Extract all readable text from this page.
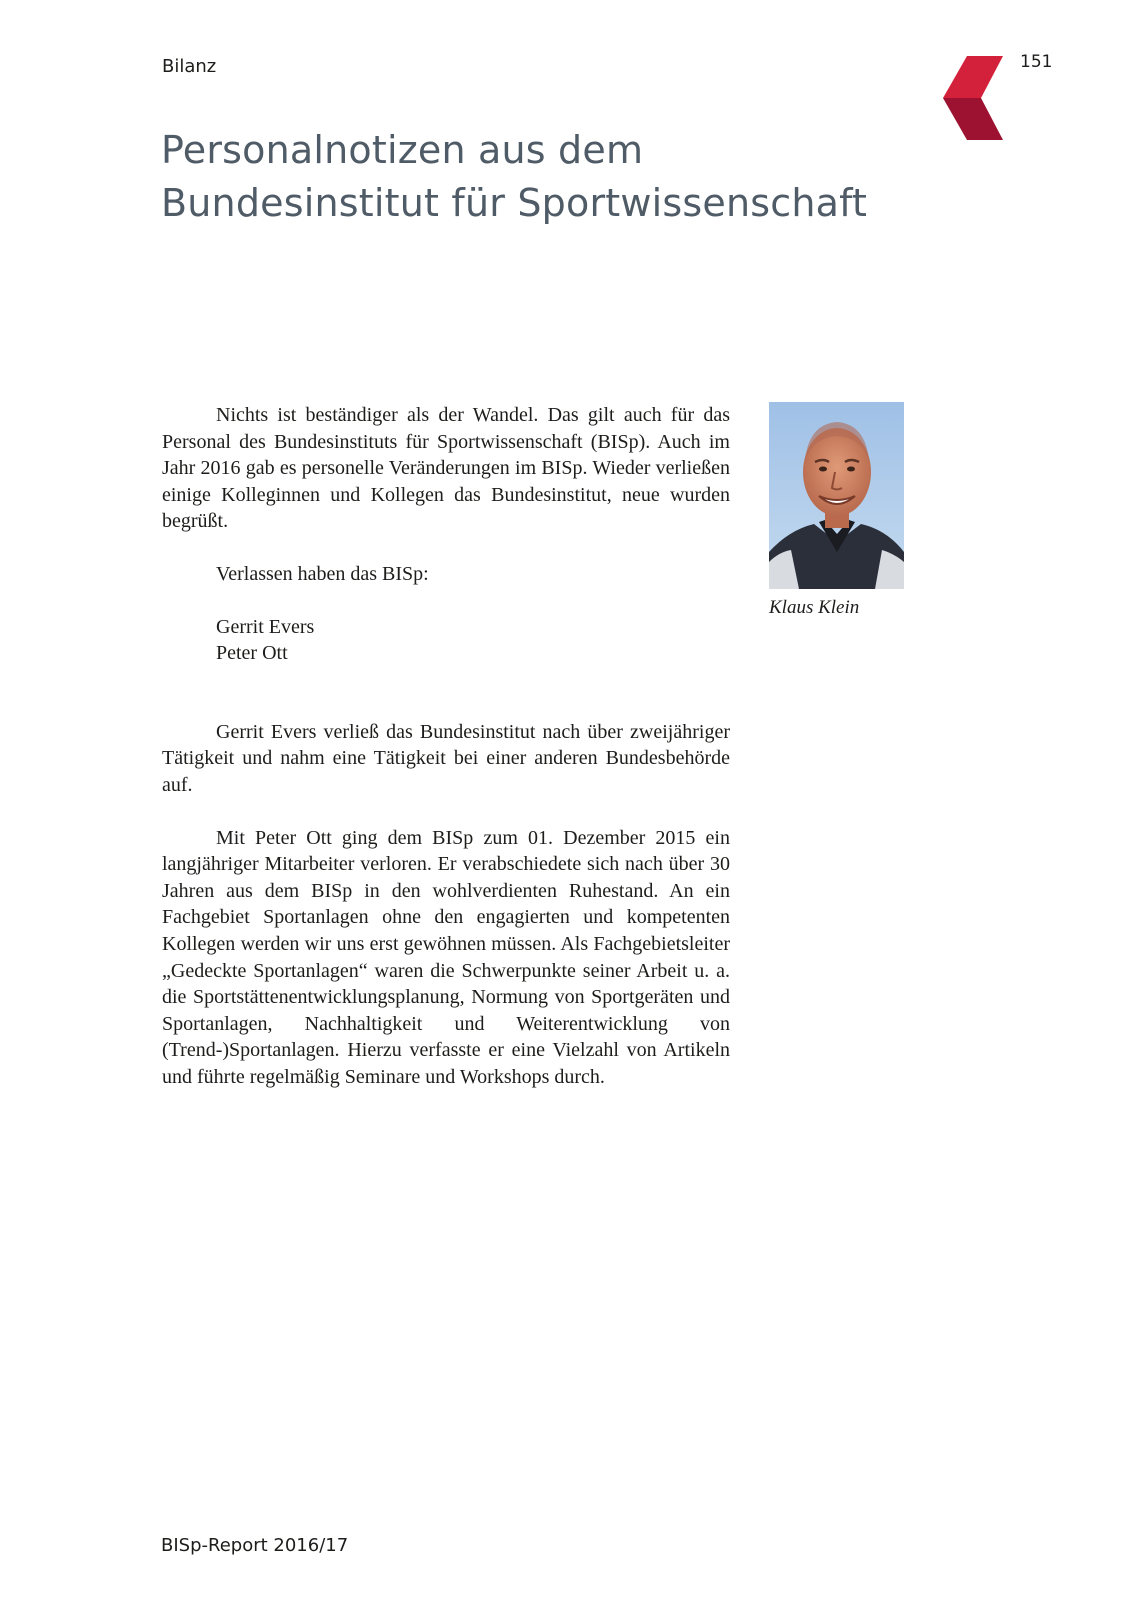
Bilanz	151
Personalnotizen aus dem
Bundesinstitut für Sportwissenschaft

Nichts ist beständiger als der Wandel. Das gilt auch für das Personal des Bundesinstituts für Sportwissenschaft (BISp). Auch im Jahr 2016 gab es personelle Veränderungen im BISp. Wieder verließen einige Kolleginnen und Kollegen das Bundesinstitut, neue wurden begrüßt.

Verlassen haben das BISp:

Gerrit Evers

Peter Ott

Gerrit Evers verließ das Bundesinstitut nach über zweijähriger Tätigkeit und nahm eine Tätigkeit bei einer anderen Bundesbehörde auf.

Mit Peter Ott ging dem BISp zum 01. Dezember 2015 ein langjähriger Mitarbeiter verloren. Er verabschiedete sich nach über 30 Jahren aus dem BISp in den wohlverdienten Ruhestand. An ein Fachgebiet Sportanlagen ohne den engagierten und kompetenten Kollegen werden wir uns erst gewöhnen müssen. Als Fachgebietsleiter „Gedeckte Sportanlagen“ waren die Schwerpunkte seiner Arbeit u. a. die Sportstättenentwicklungsplanung, Normung von Sportgeräten und Sportanlagen, Nachhaltigkeit und Weiterentwicklung von (Trend-)Sportanlagen. Hierzu verfasste er eine Vielzahl von Artikeln und führte regelmäßig Seminare und Workshops durch.

Klaus Klein
BISp-Report 2016/17
